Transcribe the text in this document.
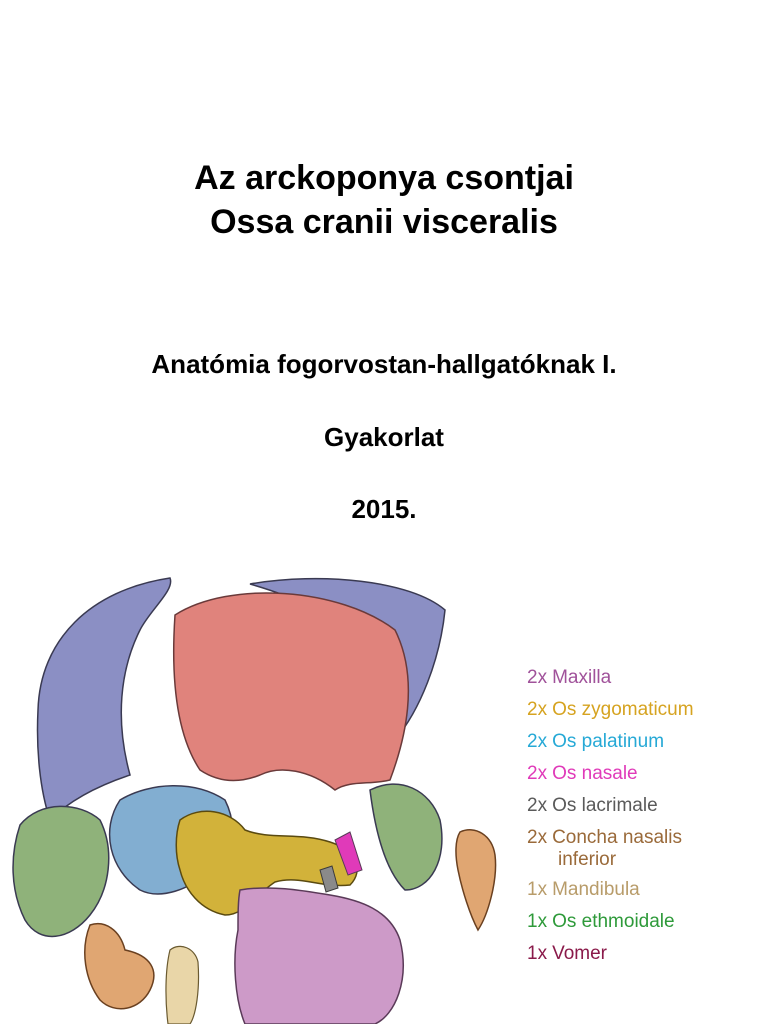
Az arckoponya csontjai
Ossa cranii visceralis
Anatómia fogorvostan-hallgatóknak I.
Gyakorlat
2015.
2x Maxilla
2x Os zygomaticum
2x Os palatinum
2x Os nasale
2x Os lacrimale
2x Concha nasalis
inferior
1x Mandibula
1x Os ethmoidale
1x Vomer
